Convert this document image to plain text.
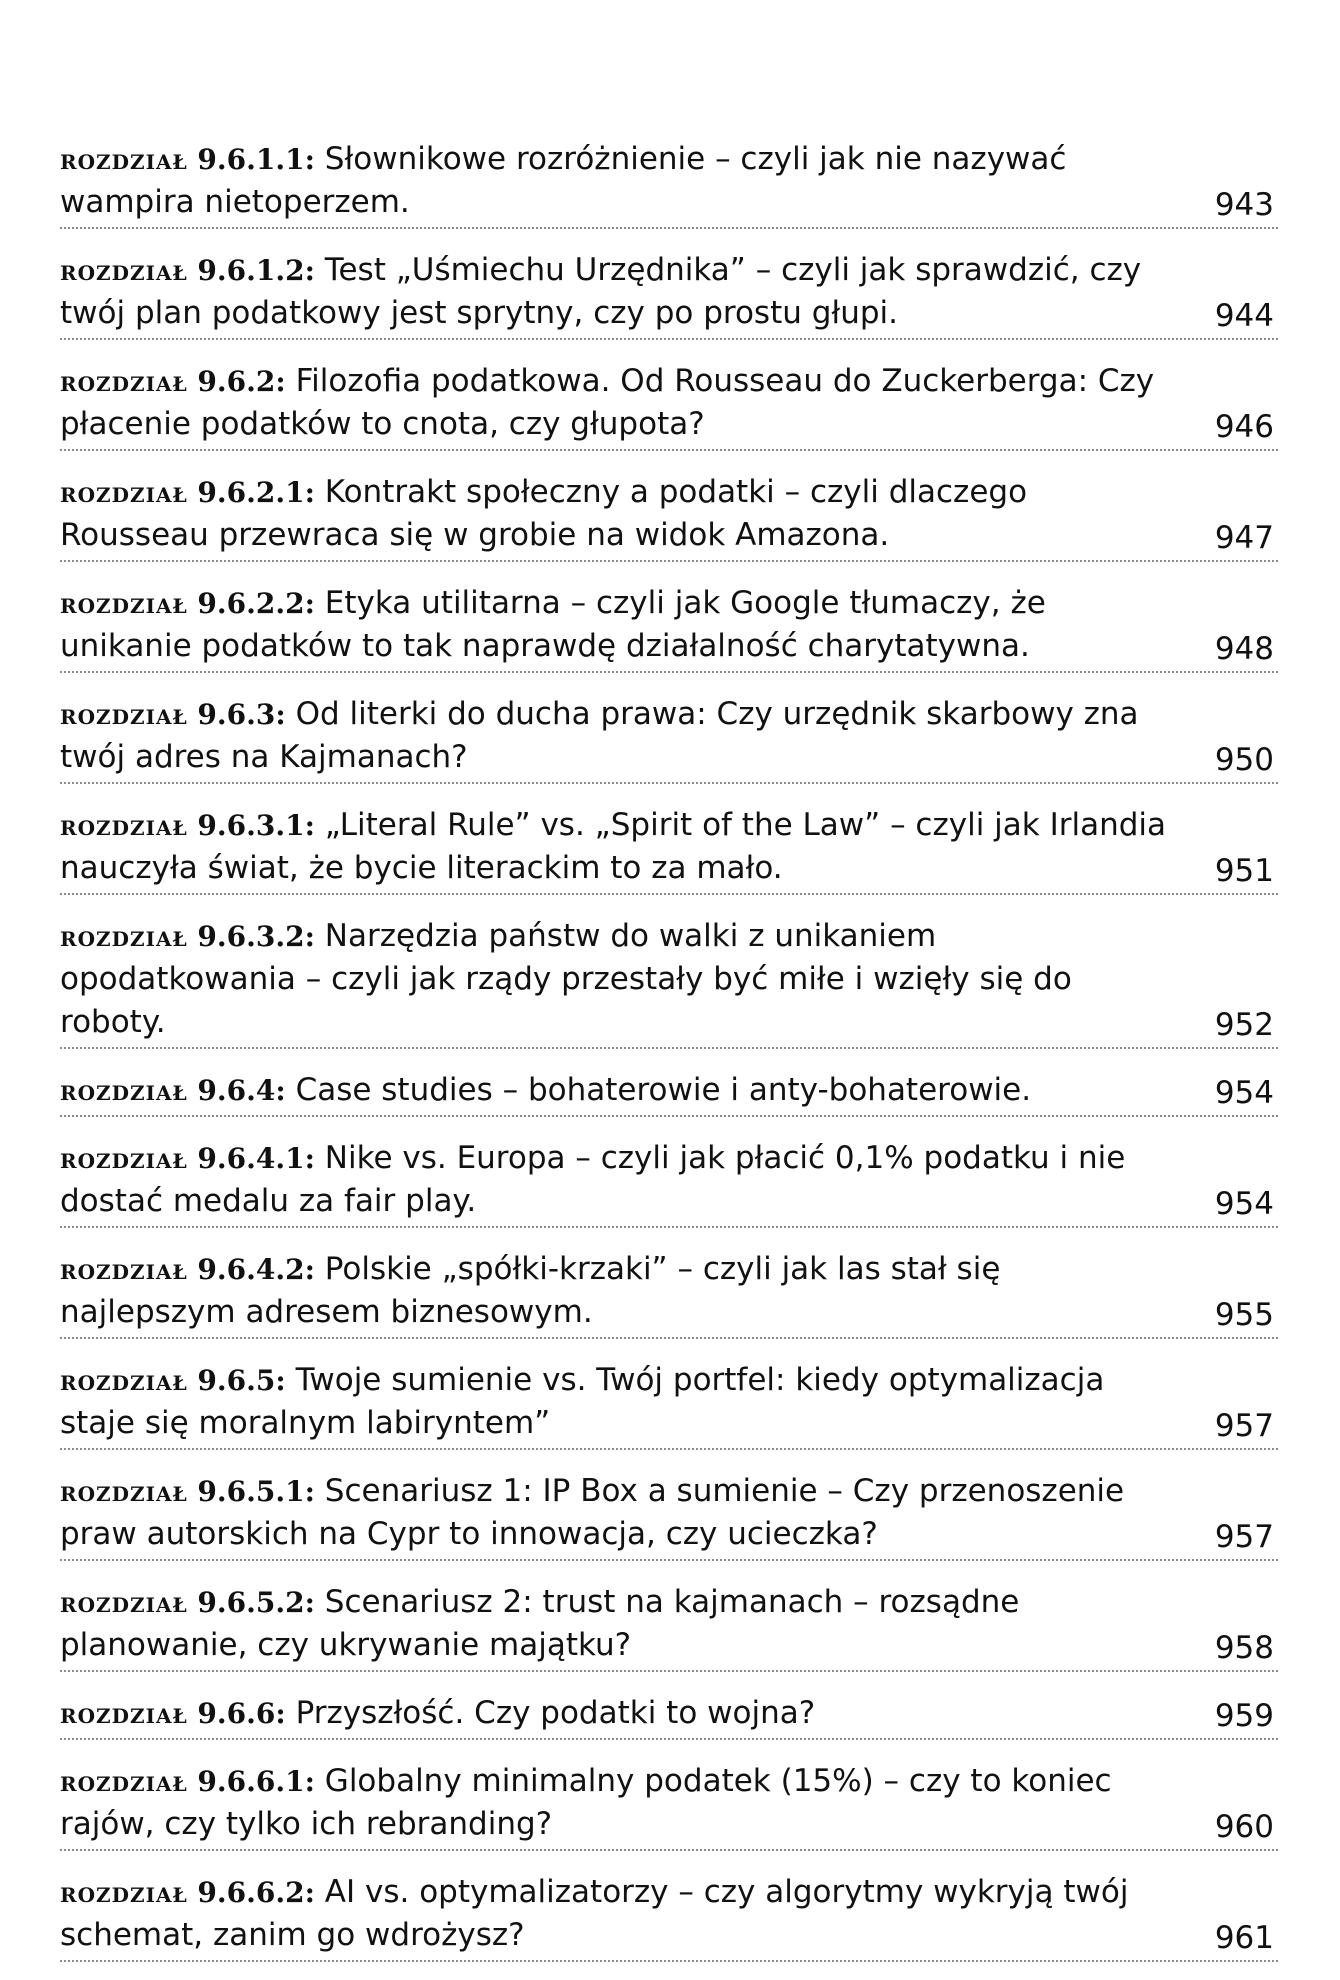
rozdział 9.6.1.1: Słownikowe rozróżnienie – czyli jak nie nazywać wampira nietoperzem.	943
rozdział 9.6.1.2: Test „Uśmiechu Urzędnika” – czyli jak sprawdzić, czy twój plan podatkowy jest sprytny, czy po prostu głupi.	944
rozdział 9.6.2: Filozofia podatkowa. Od Rousseau do Zuckerberga: Czy płacenie podatków to cnota, czy głupota?	946
rozdział 9.6.2.1: Kontrakt społeczny a podatki – czyli dlaczego Rousseau przewraca się w grobie na widok Amazona.	947
rozdział 9.6.2.2: Etyka utilitarna – czyli jak Google tłumaczy, że unikanie podatków to tak naprawdę działalność charytatywna.	948
rozdział 9.6.3: Od literki do ducha prawa: Czy urzędnik skarbowy zna twój adres na Kajmanach?	950
rozdział 9.6.3.1: „Literal Rule” vs. „Spirit of the Law” – czyli jak Irlandia nauczyła świat, że bycie literackim to za mało.	951
rozdział 9.6.3.2: Narzędzia państw do walki z unikaniem opodatkowania – czyli jak rządy przestały być miłe i wzięły się do roboty.	952
rozdział 9.6.4: Case studies – bohaterowie i anty-bohaterowie.	954
rozdział 9.6.4.1: Nike vs. Europa – czyli jak płacić 0,1% podatku i nie dostać medalu za fair play.	954
rozdział 9.6.4.2: Polskie „spółki-krzaki” – czyli jak las stał się najlepszym adresem biznesowym.	955
rozdział 9.6.5: Twoje sumienie vs. Twój portfel: kiedy optymalizacja staje się moralnym labiryntem”	957
rozdział 9.6.5.1: Scenariusz 1: IP Box a sumienie – Czy przenoszenie praw autorskich na Cypr to innowacja, czy ucieczka?	957
rozdział 9.6.5.2: Scenariusz 2: trust na kajmanach – rozsądne planowanie, czy ukrywanie majątku?	958
rozdział 9.6.6: Przyszłość. Czy podatki to wojna?	959
rozdział 9.6.6.1: Globalny minimalny podatek (15%) – czy to koniec rajów, czy tylko ich rebranding?	960
rozdział 9.6.6.2: AI vs. optymalizatorzy – czy algorytmy wykryją twój schemat, zanim go wdrożysz?	961
